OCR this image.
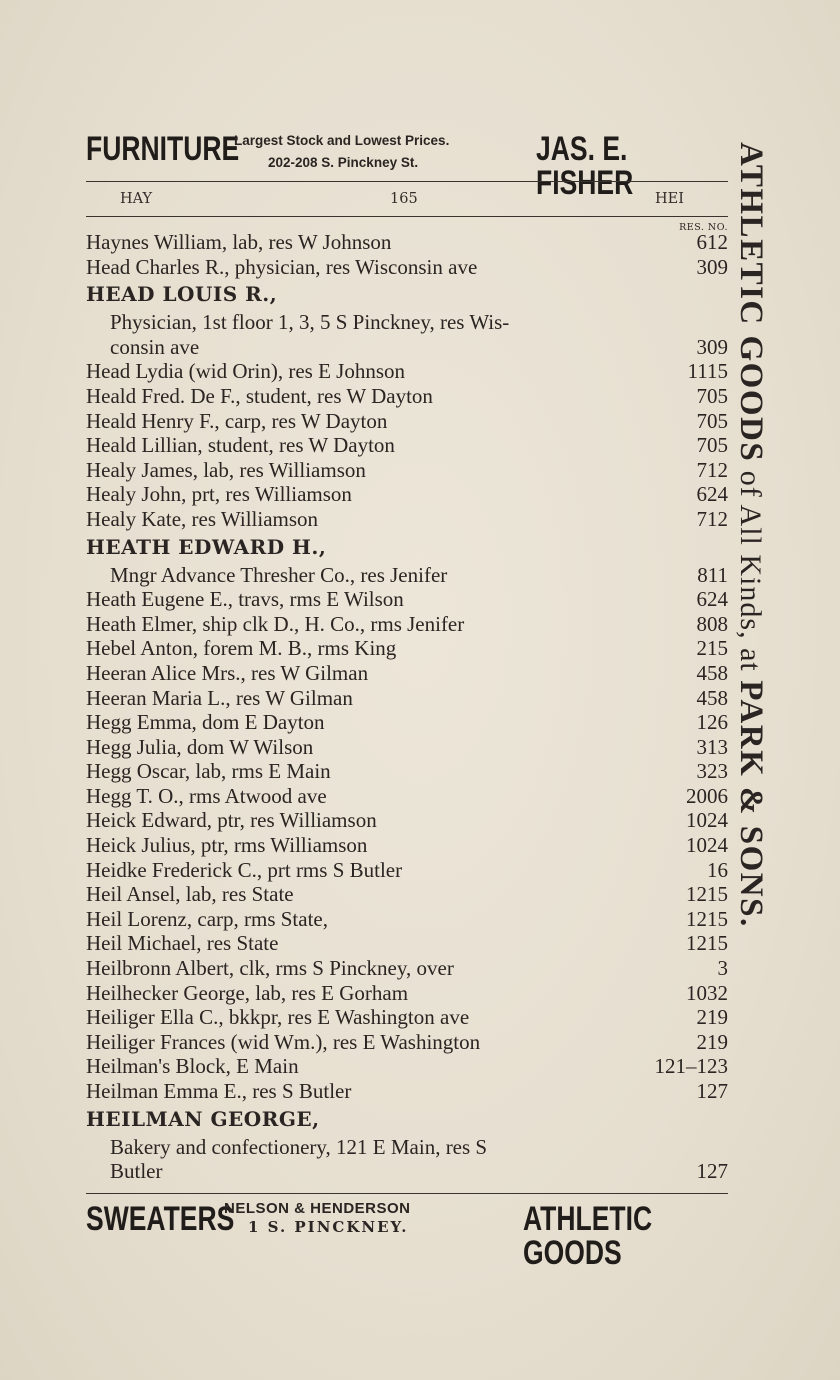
FURNITURE
Largest Stock and Lowest Prices.
202-208 S. Pinckney St.	JAS. E. FISHER
HAY	165	HEI
RES. NO.
Haynes William, lab, res W Johnson	612
Head Charles R., physician, res Wisconsin ave	309
HEAD LOUIS R.,
Physician, 1st floor 1, 3, 5 S Pinckney, res Wis-
consin ave	309
Head Lydia (wid Orin), res E Johnson	1115
Heald Fred. De F., student, res W Dayton	705
Heald Henry F., carp, res W Dayton	705
Heald Lillian, student, res W Dayton	705
Healy James, lab, res Williamson	712
Healy John, prt, res Williamson	624
Healy Kate, res Williamson	712
HEATH EDWARD H.,
Mngr Advance Thresher Co., res Jenifer	811
Heath Eugene E., travs, rms E Wilson	624
Heath Elmer, ship clk D., H. Co., rms Jenifer	808
Hebel Anton, forem M. B., rms King	215
Heeran Alice Mrs., res W Gilman	458
Heeran Maria L., res W Gilman	458
Hegg Emma, dom E Dayton	126
Hegg Julia, dom W Wilson	313
Hegg Oscar, lab, rms E Main	323
Hegg T. O., rms Atwood ave	2006
Heick Edward, ptr, res Williamson	1024
Heick Julius, ptr, rms Williamson	1024
Heidke Frederick C., prt rms S Butler	16
Heil Ansel, lab, res State	1215
Heil Lorenz, carp, rms State,	1215
Heil Michael, res State	1215
Heilbronn Albert, clk, rms S Pinckney, over	3
Heilhecker George, lab, res E Gorham	1032
Heiliger Ella C., bkkpr, res E Washington ave	219
Heiliger Frances (wid Wm.), res E Washington	219
Heilman's Block, E Main	121–123
Heilman Emma E., res S Butler	127
HEILMAN GEORGE,
Bakery and confectionery, 121 E Main, res S
Butler	127
SWEATERS
NELSON & HENDERSON
1 S. PINCKNEY.	ATHLETIC GOODS
ATHLETIC GOODS of All Kinds, at PARK & SONS.
